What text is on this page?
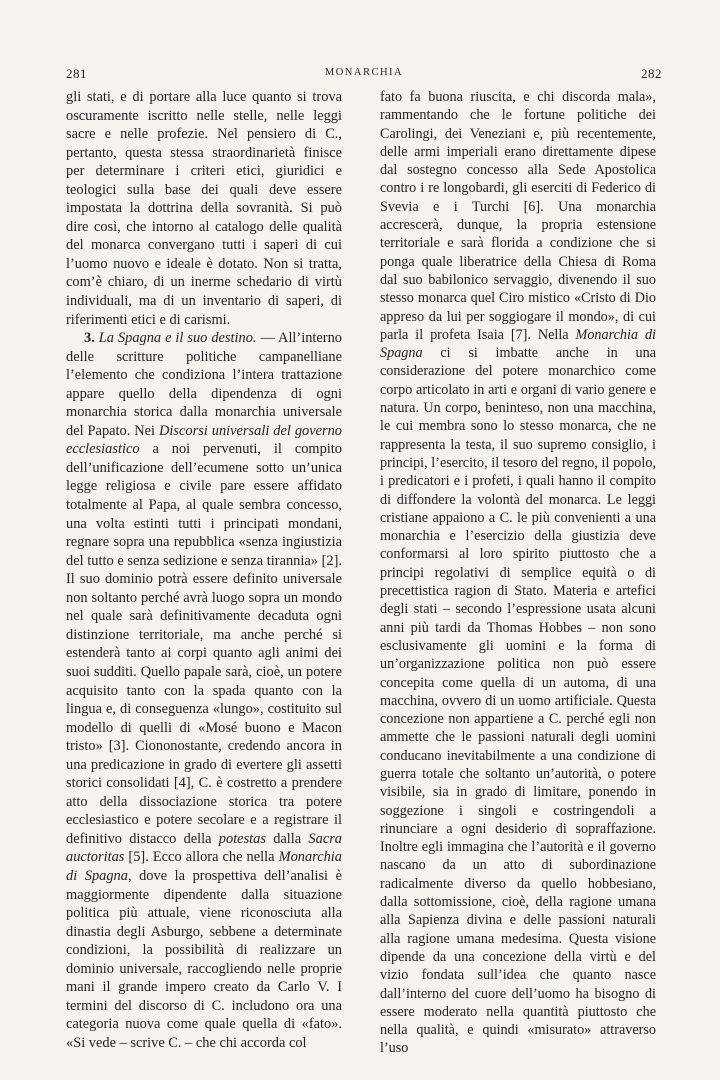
281	MONARCHIA	282

gli stati, e di portare alla luce quanto si trova oscuramente iscritto nelle stelle, nelle leggi sacre e nelle profezie. Nel pensiero di C., pertanto, questa stessa straordinarietà finisce per determinare i criteri etici, giuridici e teologici sulla base dei quali deve essere impostata la dottrina della sovranità. Si può dire così, che intorno al catalogo delle qualità del monarca convergano tutti i saperi di cui l’uomo nuovo e ideale è dotato. Non si tratta, com’è chiaro, di un inerme schedario di virtù individuali, ma di un inventario di saperi, di riferimenti etici e di carismi.

3. La Spagna e il suo destino. — All’interno delle scritture politiche campanelliane l’elemento che condiziona l’intera trattazione appare quello della dipendenza di ogni monarchia storica dalla monarchia universale del Papato. Nei Discorsi universali del governo ecclesiastico a noi pervenuti, il compito dell’unificazione dell’ecumene sotto un’unica legge religiosa e civile pare essere affidato totalmente al Papa, al quale sembra concesso, una volta estinti tutti i principati mondani, regnare sopra una repubblica «senza ingiustizia del tutto e senza sedizione e senza tirannia» [2]. Il suo dominio potrà essere definito universale non soltanto perché avrà luogo sopra un mondo nel quale sarà definitivamente decaduta ogni distinzione territoriale, ma anche perché si estenderà tanto ai corpi quanto agli animi dei suoi sudditi. Quello papale sarà, cioè, un potere acquisito tanto con la spada quanto con la lingua e, di conseguenza «lungo», costituito sul modello di quelli di «Mosé buono e Macon tristo» [3]. Ciononostante, credendo ancora in una predicazione in grado di evertere gli assetti storici consolidati [4], C. è costretto a prendere atto della dissociazione storica tra potere ecclesiastico e potere secolare e a registrare il definitivo distacco della potestas dalla Sacra auctoritas [5]. Ecco allora che nella Monarchia di Spagna, dove la prospettiva dell’analisi è maggiormente dipendente dalla situazione politica più attuale, viene riconosciuta alla dinastia degli Asburgo, sebbene a determinate condizioni, la possibilità di realizzare un dominio universale, raccogliendo nelle proprie mani il grande impero creato da Carlo V. I termini del discorso di C. includono ora una categoria nuova come quale quella di «fato». «Si vede – scrive C. – che chi accorda col

fato fa buona riuscita, e chi discorda mala», rammentando che le fortune politiche dei Carolingi, dei Veneziani e, più recentemente, delle armi imperiali erano direttamente dipese dal sostegno concesso alla Sede Apostolica contro i re longobardi, gli eserciti di Federico di Svevia e i Turchi [6]. Una monarchia accrescerà, dunque, la propria estensione territoriale e sarà florida a condizione che si ponga quale liberatrice della Chiesa di Roma dal suo babilonico servaggio, divenendo il suo stesso monarca quel Ciro mistico «Cristo di Dio appreso da lui per soggiogare il mondo», di cui parla il profeta Isaia [7]. Nella Monarchia di Spagna ci si imbatte anche in una considerazione del potere monarchico come corpo articolato in arti e organi di vario genere e natura. Un corpo, beninteso, non una macchina, le cui membra sono lo stesso monarca, che ne rappresenta la testa, il suo supremo consiglio, i principi, l’esercito, il tesoro del regno, il popolo, i predicatori e i profeti, i quali hanno il compito di diffondere la volontà del monarca. Le leggi cristiane appaiono a C. le più convenienti a una monarchia e l’esercizio della giustizia deve conformarsi al loro spirito piuttosto che a principi regolativi di semplice equità o di precettistica ragion di Stato. Materia e artefici degli stati – secondo l’espressione usata alcuni anni più tardi da Thomas Hobbes – non sono esclusivamente gli uomini e la forma di un’organizzazione politica non può essere concepita come quella di un automa, di una macchina, ovvero di un uomo artificiale. Questa concezione non appartiene a C. perché egli non ammette che le passioni naturali degli uomini conducano inevitabilmente a una condizione di guerra totale che soltanto un’autorità, o potere visibile, sia in grado di limitare, ponendo in soggezione i singoli e costringendoli a rinunciare a ogni desiderio di sopraffazione. Inoltre egli immagina che l’autorità e il governo nascano da un atto di subordinazione radicalmente diverso da quello hobbesiano, dalla sottomissione, cioè, della ragione umana alla Sapienza divina e delle passioni naturali alla ragione umana medesima. Questa visione dipende da una concezione della virtù e del vizio fondata sull’idea che quanto nasce dall’interno del cuore dell’uomo ha bisogno di essere moderato nella quantità piuttosto che nella qualità, e quindi «misurato» attraverso l’uso
